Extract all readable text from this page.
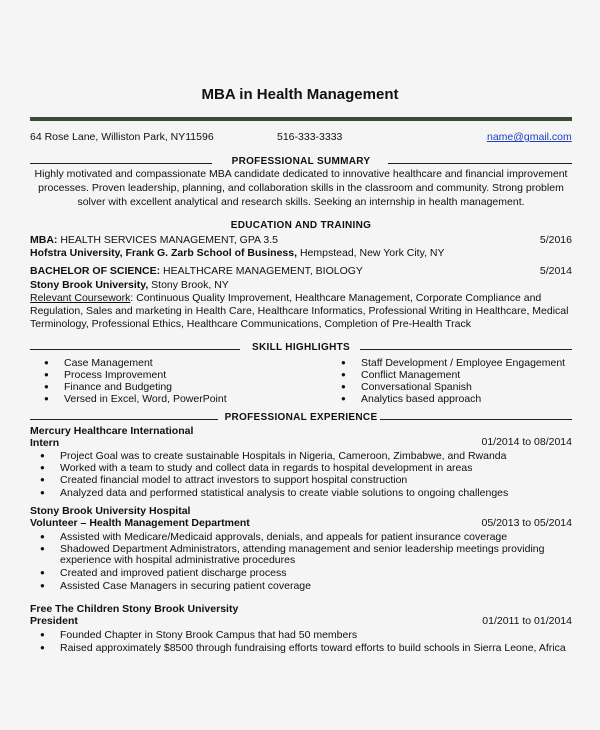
MBA in Health Management
64 Rose Lane, Williston Park, NY11596	516-333-3333	name@gmail.com
PROFESSIONAL SUMMARY
Highly motivated and compassionate MBA candidate dedicated to innovative healthcare and financial improvement
processes. Proven leadership, planning, and collaboration skills in the classroom and community. Strong problem
solver with excellent analytical and research skills. Seeking an internship in health management.
EDUCATION AND TRAINING
MBA: HEALTH SERVICES MANAGEMENT, GPA 3.5	5/2016
Hofstra University, Frank G. Zarb School of Business, Hempstead, New York City, NY
BACHELOR OF SCIENCE: HEALTHCARE MANAGEMENT, BIOLOGY	5/2014
Stony Brook University, Stony Brook, NY
Relevant Coursework: Continuous Quality Improvement, Healthcare Management, Corporate Compliance and
Regulation, Sales and marketing in Health Care, Healthcare Informatics, Professional Writing in Healthcare, Medical
Terminology, Professional Ethics, Healthcare Communications, Completion of Pre-Health Track
SKILL HIGHLIGHTS
● Case Management
● Process Improvement
● Finance and Budgeting
● Versed in Excel, Word, PowerPoint
● Staff Development / Employee Engagement
● Conflict Management
● Conversational Spanish
● Analytics based approach
PROFESSIONAL EXPERIENCE
Mercury Healthcare International
Intern	01/2014 to 08/2014
● Project Goal was to create sustainable Hospitals in Nigeria, Cameroon, Zimbabwe, and Rwanda
● Worked with a team to study and collect data in regards to hospital development in areas
● Created financial model to attract investors to support hospital construction
● Analyzed data and performed statistical analysis to create viable solutions to ongoing challenges
Stony Brook University Hospital
Volunteer – Health Management Department	05/2013 to 05/2014
● Assisted with Medicare/Medicaid approvals, denials, and appeals for patient insurance coverage
● Shadowed Department Administrators, attending management and senior leadership meetings providing
experience with hospital administrative procedures
● Created and improved patient discharge process
● Assisted Case Managers in securing patient coverage
Free The Children Stony Brook University
President	01/2011 to 01/2014
● Founded Chapter in Stony Brook Campus that had 50 members
● Raised approximately $8500 through fundraising efforts toward efforts to build schools in Sierra Leone, Africa
